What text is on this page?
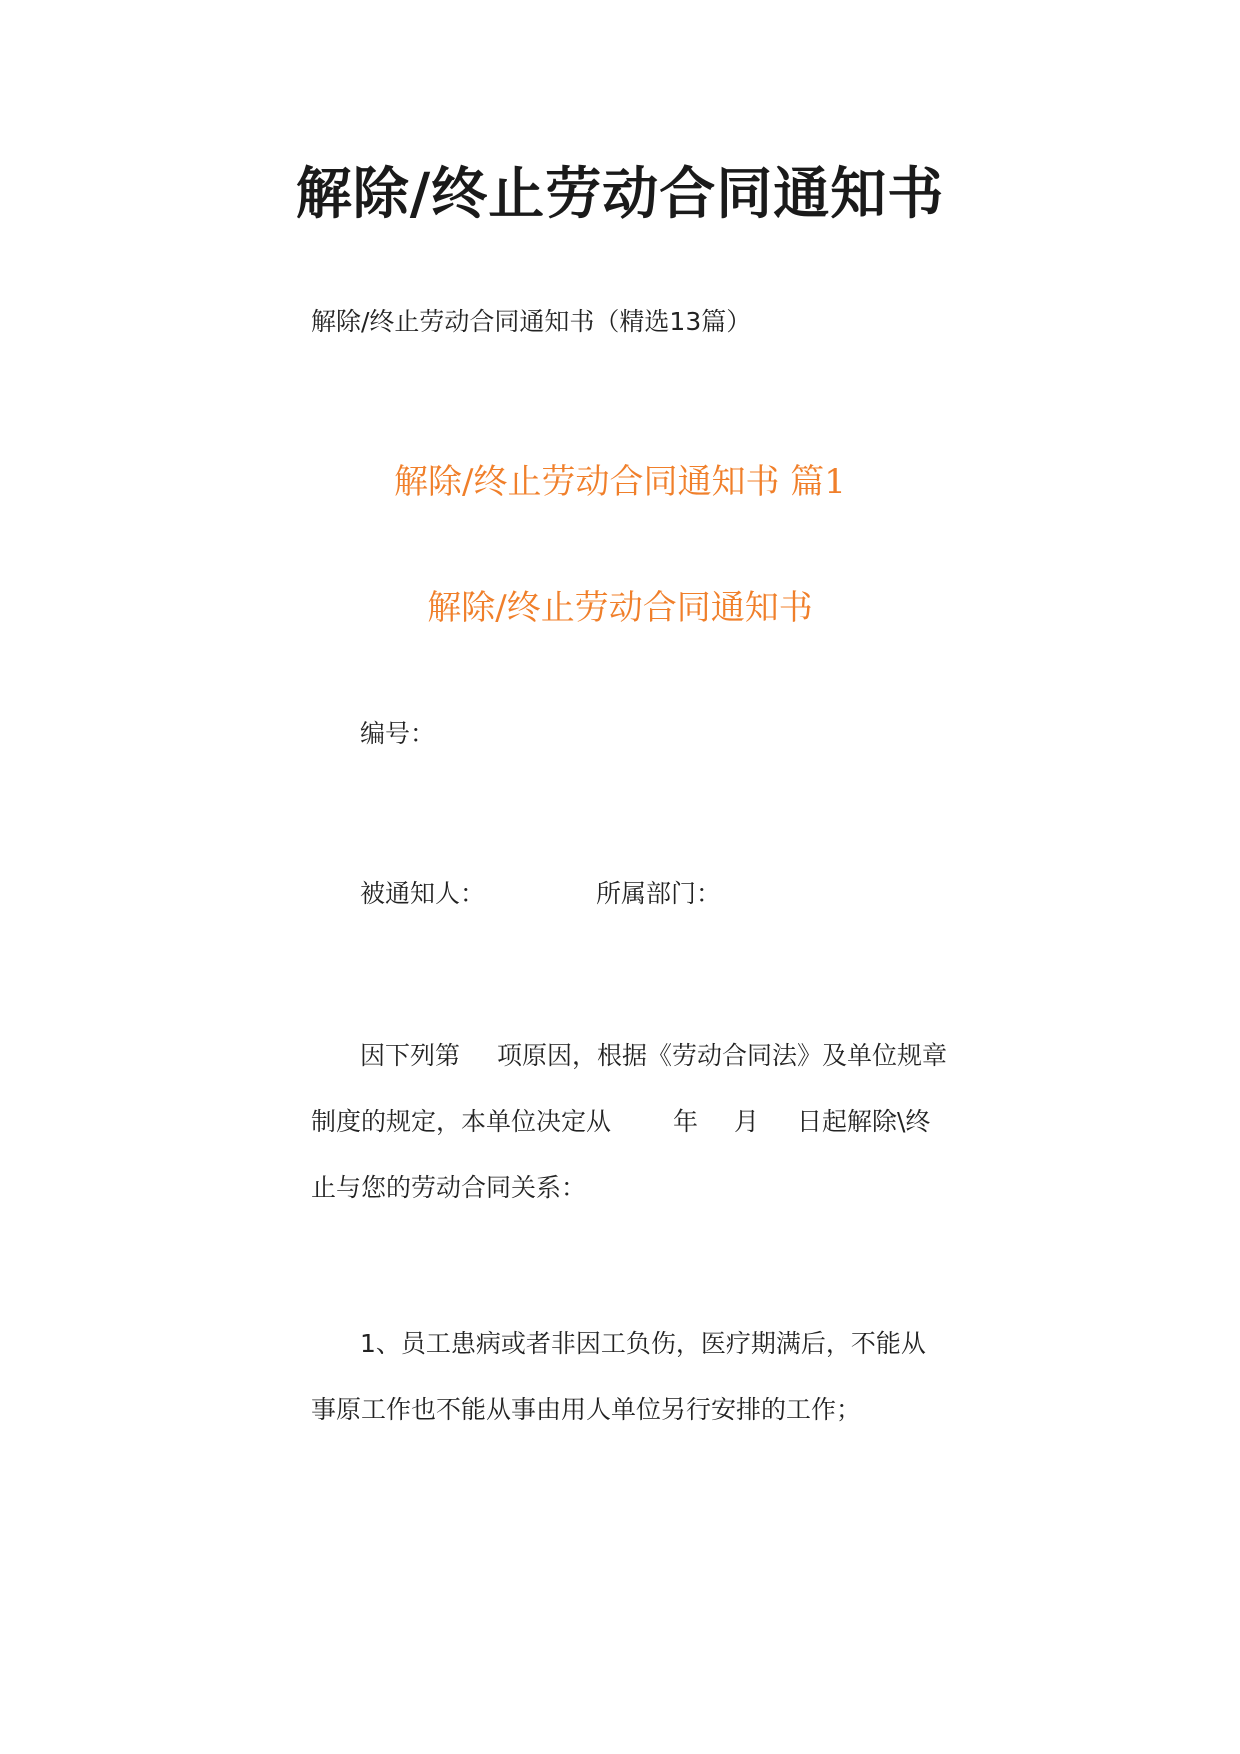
解除/终止劳动合同通知书
解除/终止劳动合同通知书（精选13篇）
解除/终止劳动合同通知书 篇1
解除/终止劳动合同通知书
编号：
被通知人：	所属部门：
因下列第 项原因，根据《劳动合同法》及单位规章
制度的规定，本单位决定从 年 月 日起解除\终
止与您的劳动合同关系：
1、员工患病或者非因工负伤，医疗期满后，不能从
事原工作也不能从事由用人单位另行安排的工作；
